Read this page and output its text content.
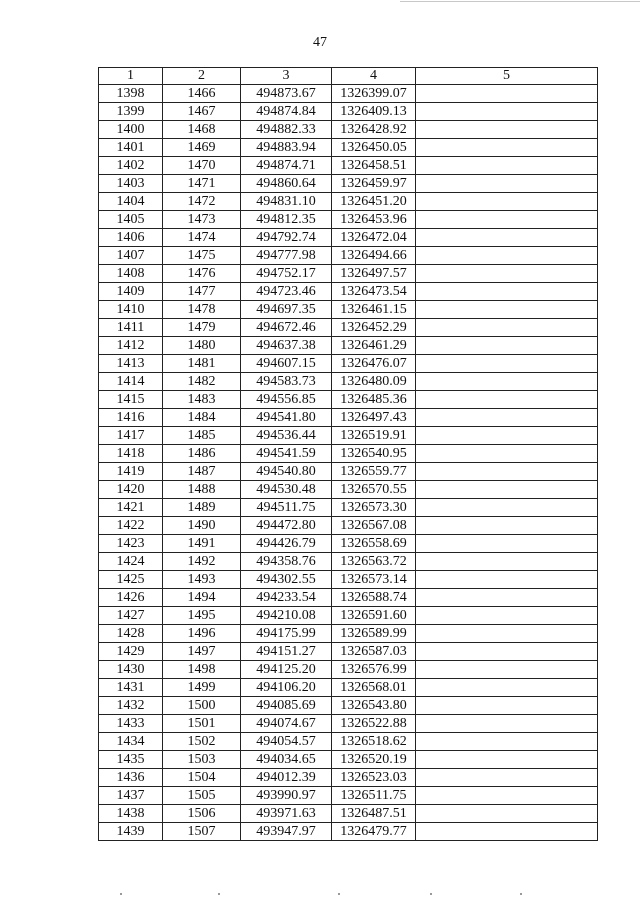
47
1	2	3	4	5
1398	1466	494873.67	1326399.07	
1399	1467	494874.84	1326409.13	
1400	1468	494882.33	1326428.92	
1401	1469	494883.94	1326450.05	
1402	1470	494874.71	1326458.51	
1403	1471	494860.64	1326459.97	
1404	1472	494831.10	1326451.20	
1405	1473	494812.35	1326453.96	
1406	1474	494792.74	1326472.04	
1407	1475	494777.98	1326494.66	
1408	1476	494752.17	1326497.57	
1409	1477	494723.46	1326473.54	
1410	1478	494697.35	1326461.15	
1411	1479	494672.46	1326452.29	
1412	1480	494637.38	1326461.29	
1413	1481	494607.15	1326476.07	
1414	1482	494583.73	1326480.09	
1415	1483	494556.85	1326485.36	
1416	1484	494541.80	1326497.43	
1417	1485	494536.44	1326519.91	
1418	1486	494541.59	1326540.95	
1419	1487	494540.80	1326559.77	
1420	1488	494530.48	1326570.55	
1421	1489	494511.75	1326573.30	
1422	1490	494472.80	1326567.08	
1423	1491	494426.79	1326558.69	
1424	1492	494358.76	1326563.72	
1425	1493	494302.55	1326573.14	
1426	1494	494233.54	1326588.74	
1427	1495	494210.08	1326591.60	
1428	1496	494175.99	1326589.99	
1429	1497	494151.27	1326587.03	
1430	1498	494125.20	1326576.99	
1431	1499	494106.20	1326568.01	
1432	1500	494085.69	1326543.80	
1433	1501	494074.67	1326522.88	
1434	1502	494054.57	1326518.62	
1435	1503	494034.65	1326520.19	
1436	1504	494012.39	1326523.03	
1437	1505	493990.97	1326511.75	
1438	1506	493971.63	1326487.51	
1439	1507	493947.97	1326479.77	
